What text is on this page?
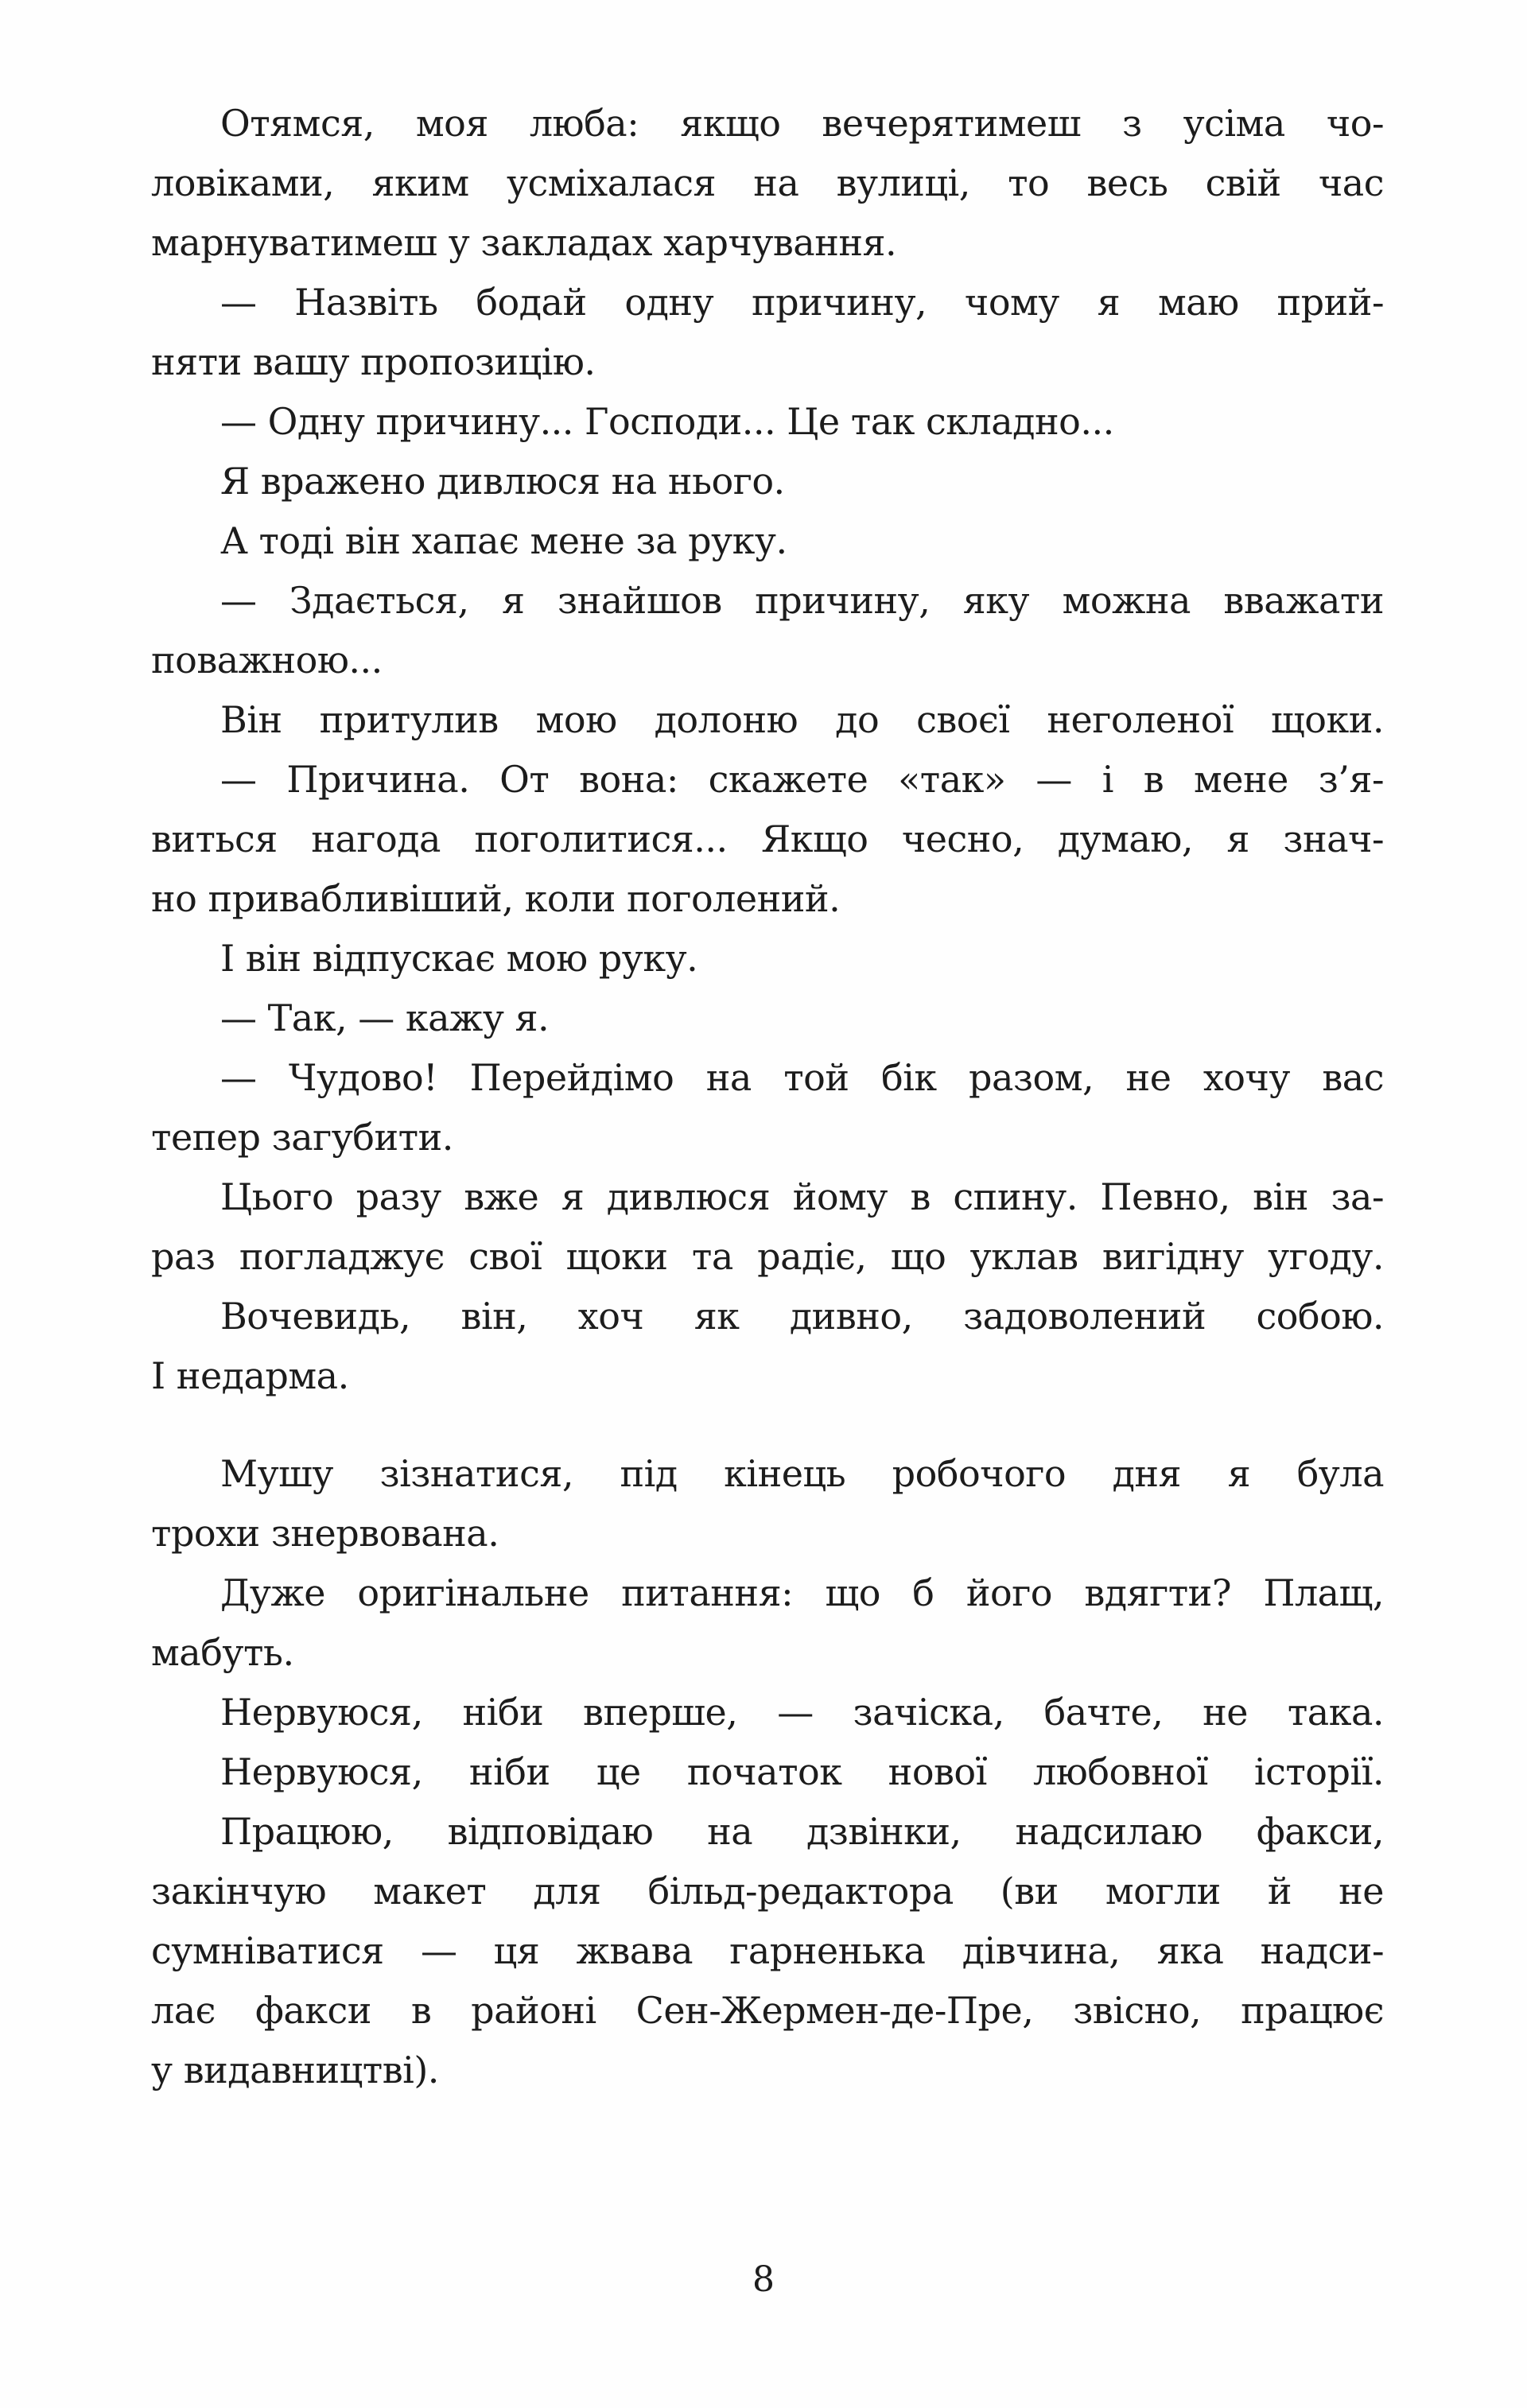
Отямся, моя люба: якщо вечерятимеш з усіма чо-
ловіками, яким усміхалася на вулиці, то весь свій час
марнуватимеш у закладах харчування.
— Назвіть бодай одну причину, чому я маю прий-
няти вашу пропозицію.
— Одну причину... Господи... Це так складно...
Я вражено дивлюся на нього.
А тоді він хапає мене за руку.
— Здається, я знайшов причину, яку можна вважати
поважною...
Він притулив мою долоню до своєї неголеної щоки.
— Причина. От вона: скажете «так» — і в мене з’я-
виться нагода поголитися... Якщо чесно, думаю, я знач-
но привабливіший, коли поголений.
І він відпускає мою руку.
— Так, — кажу я.
— Чудово! Перейдімо на той бік разом, не хочу вас
тепер загубити.
Цього разу вже я дивлюся йому в спину. Певно, він за-
раз погладжує свої щоки та радіє, що уклав вигідну угоду.
Вочевидь, він, хоч як дивно, задоволений собою.
І недарма.
Мушу зізнатися, під кінець робочого дня я була
трохи знервована.
Дуже оригінальне питання: що б його вдягти? Плащ,
мабуть.
Нервуюся, ніби вперше, — зачіска, бачте, не така.
Нервуюся, ніби це початок нової любовної історії.
Працюю, відповідаю на дзвінки, надсилаю факси,
закінчую макет для більд-редактора (ви могли й не
сумніватися — ця жвава гарненька дівчина, яка надси-
лає факси в районі Сен-Жермен-де-Пре, звісно, працює
у видавництві).
8
